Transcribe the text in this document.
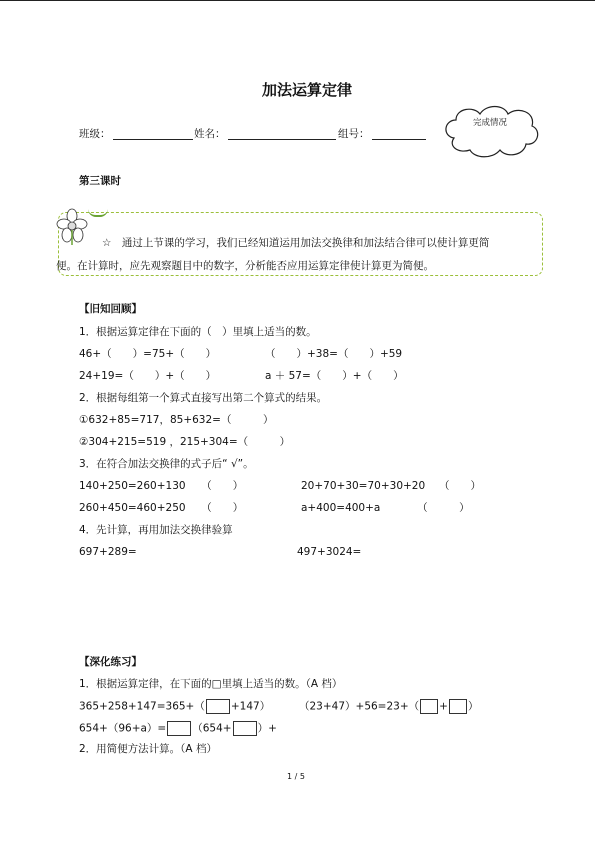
加法运算定律
班级：	姓名：	组号：
完成情况
第三课时
☆　通过上节课的学习，我们已经知道运用加法交换律和加法结合律可以使计算更简
便。在计算时，应先观察题目中的数字，分析能否应用运算定律使计算更为简便。
【旧知回顾】
1．根据运算定律在下面的（　）里填上适当的数。
46+（　　）=75+（　　）	（　　）+38=（　　）+59
24+19=（　　）+（　　）	a ＋ 57=（　　）+（　　）
2．根据每组第一个算式直接写出第二个算式的结果。
①632+85=717，85+632=（　　　）
②304+215=519 ，215+304=（　　　）
3．在符合加法交换律的式子后“ √”。
140+250=260+130　　（　　）	20+70+30=70+30+20　 （　　）
260+450=460+250　　（　　）	a+400=400+a　　　　（　　　）
4．先计算，再用加法交换律验算
697+289=	497+3024=
【深化练习】
1．根据运算定律，在下面的□里填上适当的数。（A 档）
365+258+147=365+（ +147）	（23+47）+56=23+（ + ）
654+（96+a）= （654+ ）+
2．用简便方法计算。（A 档）
1 / 5
